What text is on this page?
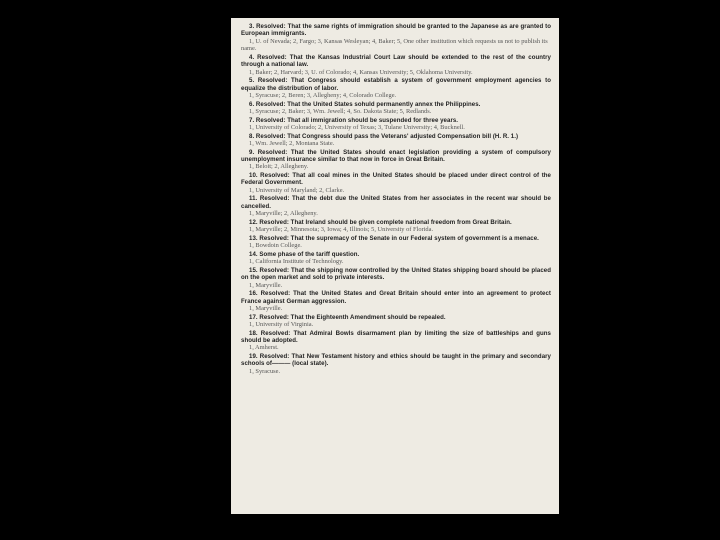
3. Resolved: That the same rights of immigration should be granted to the Japanese as are granted to European immigrants.
1, U. of Nevada; 2, Fargo; 3, Kansas Wesleyan; 4, Baker; 5, One other institution which requests us not to publish its name.
4. Resolved: That the Kansas Industrial Court Law should be extended to the rest of the country through a national law.
1, Baker; 2, Harvard; 3, U. of Colorado; 4, Kansas University; 5, Oklahoma University.
5. Resolved: That Congress should establish a system of government employment agencies to equalize the distribution of labor.
1, Syracuse; 2, Beren; 3, Allegheny; 4, Colorado College.
6. Resolved: That the United States sohuld permanently annex the Philippines.
1, Syracuse; 2, Baker; 3, Wm. Jewell; 4, So. Dakota State; 5, Redlands.
7. Resolved: That all immigration should be suspended for three years.
1, University of Colorado; 2, University of Texas; 3, Tulane University; 4, Bucknell.
8. Resolved: That Congress should pass the Veterans' adjusted Compensation bill (H. R. 1.)
1, Wm. Jewell; 2, Montana State.
9. Resolved: That the United States should enact legislation providing a system of compulsory unemployment insurance similar to that now in force in Great Britain.
1, Beloit; 2, Allegheny.
10. Resolved: That all coal mines in the United States should be placed under direct control of the Federal Government.
1, University of Maryland; 2, Clarke.
11. Resolved: That the debt due the United States from her associates in the recent war should be cancelled.
1, Maryville; 2, Allegheny.
12. Resolved: That Ireland should be given complete national freedom from Great Britain.
1, Maryville; 2, Minnesota; 3, Iowa; 4, Illinois; 5, University of Florida.
13. Resolved: That the supremacy of the Senate in our Federal system of government is a menace.
1, Bowdoin College.
14. Some phase of the tariff question.
1, California Institute of Technology.
15. Resolved: That the shipping now controlled by the United States shipping board should be placed on the open market and sold to private interests.
1, Maryville.
16. Resolved: That the United States and Great Britain should enter into an agreement to protect France against German aggression.
1, Maryville.
17. Resolved: That the Eighteenth Amendment should be repealed.
1, University of Virginia.
18. Resolved: That Admiral Bowls disarmament plan by limiting the size of battleships and guns should be adopted.
1, Amherst.
19. Resolved: That New Testament history and ethics should be taught in the primary and secondary schools of——— (local state).
1, Syracuse.
